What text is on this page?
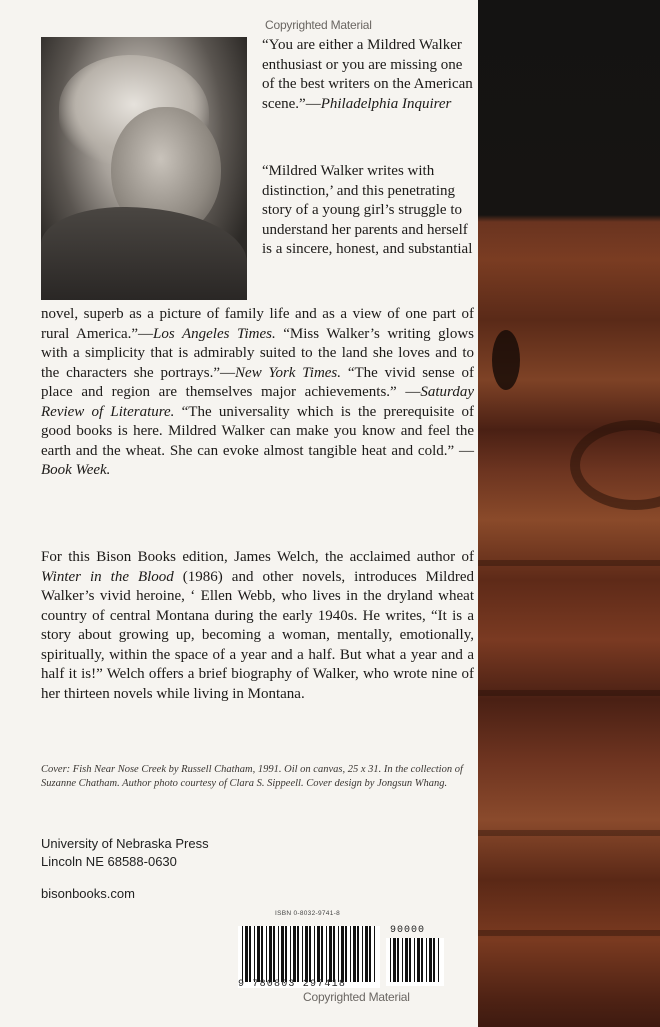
Copyrighted Material
“You are either a Mildred Walker enthusiast or you are missing one of the best writers on the American scene.”—Philadelphia Inquirer
“Mildred Walker writes with distinction,’ and this penetrating story of a young girl’s struggle to understand her parents and herself is a sincere, honest, and substantial
novel, superb as a picture of family life and as a view of one part of rural America.”—Los Angeles Times. “Miss Walker’s writing glows with a simplicity that is admirably suited to the land she loves and to the characters she portrays.”—New York Times. “The vivid sense of place and region are themselves major achievements.” —Saturday Review of Literature. “The universality which is the prerequisite of good books is here. Mildred Walker can make you know and feel the earth and the wheat. She can evoke almost tangible heat and cold.” —Book Week.
For this Bison Books edition, James Welch, the acclaimed author of Winter in the Blood (1986) and other novels, introduces Mildred Walker’s vivid heroine, ‘ Ellen Webb, who lives in the dryland wheat country of central Montana during the early 1940s. He writes, “It is a story about growing up, becoming a woman, mentally, emotionally, spiritually, within the space of a year and a half. But what a year and a half it is!” Welch offers a brief biography of Walker, who wrote nine of her thirteen novels while living in Montana.
Cover: Fish Near Nose Creek by Russell Chatham, 1991. Oil on canvas, 25 x 31. In the collection of Suzanne Chatham. Author photo courtesy of Clara S. Sippeell. Cover design by Jongsun Whang.
University of Nebraska Press
Lincoln NE 68588-0630
bisonbooks.com
ISBN 0-8032-9741-8
9 780803 297418
90000
Copyrighted Material
